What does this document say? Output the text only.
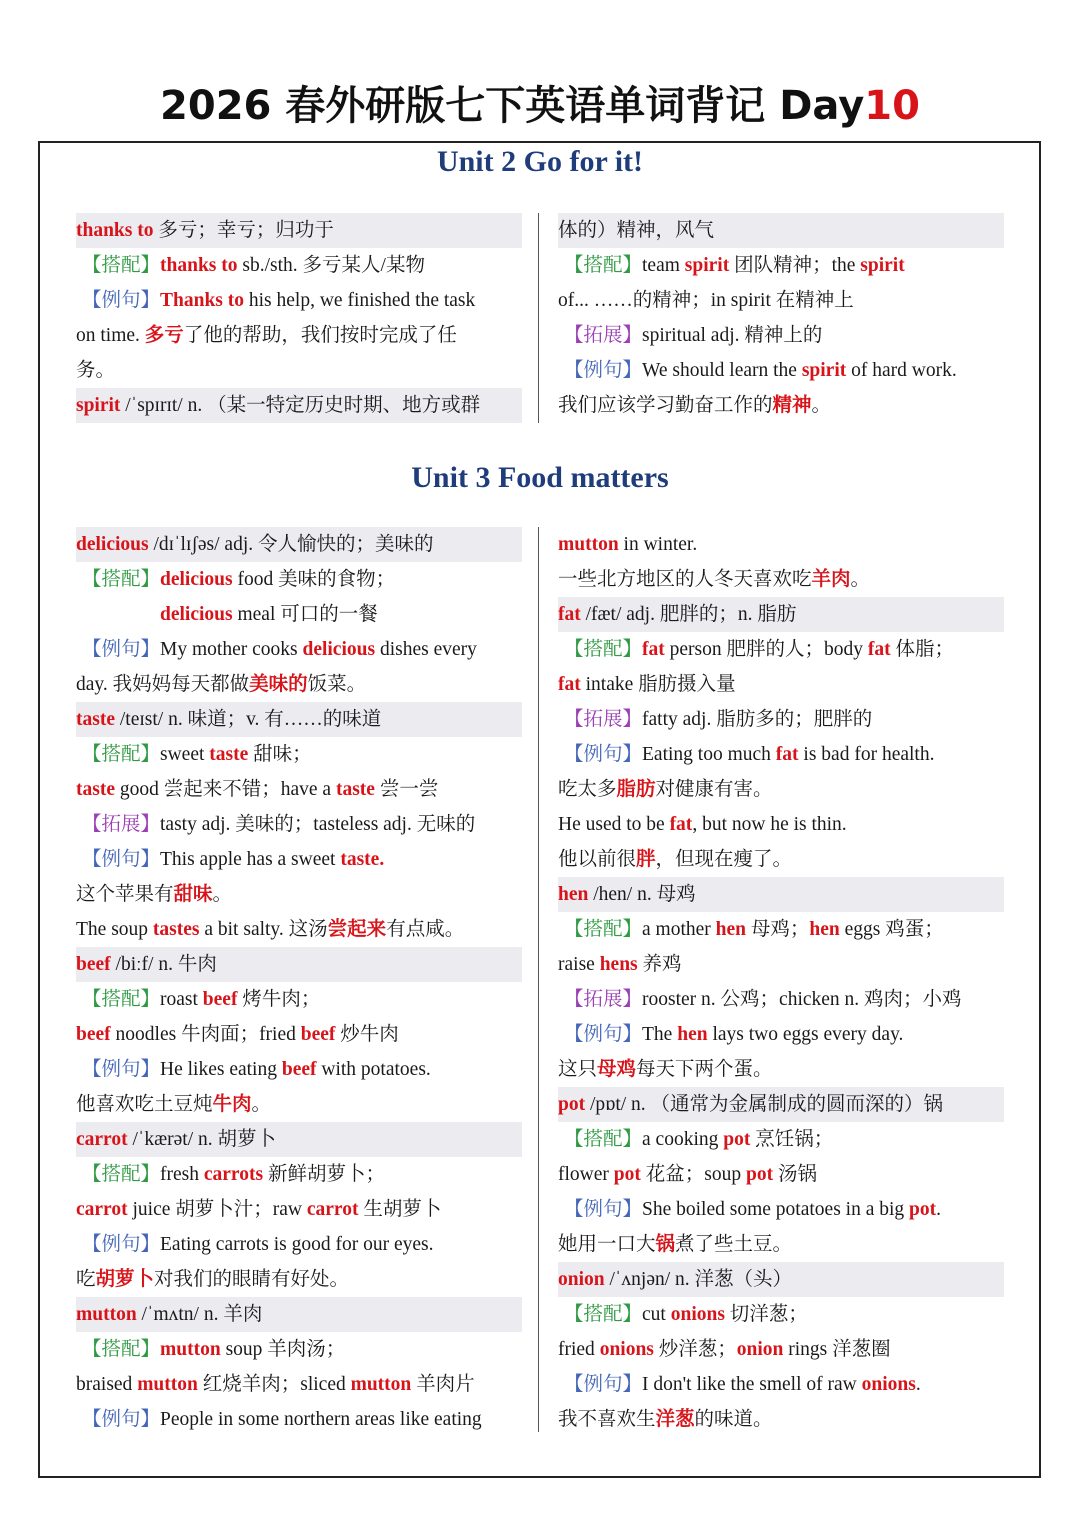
2026 春外研版七下英语单词背记 Day10
Unit 2 Go for it!
thanks to 多亏；幸亏；归功于
【搭配】thanks to sb./sth. 多亏某人/某物
【例句】Thanks to his help, we finished the task
on time. 多亏了他的帮助，我们按时完成了任
务。
spirit /ˈspɪrɪt/ n. （某一特定历史时期、地方或群
体的）精神，风气
【搭配】team spirit 团队精神；the spirit
of... ……的精神；in spirit 在精神上
【拓展】spiritual adj. 精神上的
【例句】We should learn the spirit of hard work.
我们应该学习勤奋工作的精神。
Unit 3 Food matters
delicious /dɪˈlɪʃəs/ adj. 令人愉快的；美味的
【搭配】delicious food 美味的食物；
delicious meal 可口的一餐
【例句】My mother cooks delicious dishes every
day. 我妈妈每天都做美味的饭菜。
taste /teɪst/ n. 味道；v. 有……的味道
【搭配】sweet taste 甜味；
taste good 尝起来不错；have a taste 尝一尝
【拓展】tasty adj. 美味的；tasteless adj. 无味的
【例句】This apple has a sweet taste.
这个苹果有甜味。
The soup tastes a bit salty. 这汤尝起来有点咸。
beef /biːf/ n. 牛肉
【搭配】roast beef 烤牛肉；
beef noodles 牛肉面；fried beef 炒牛肉
【例句】He likes eating beef with potatoes.
他喜欢吃土豆炖牛肉。
carrot /ˈkærət/ n. 胡萝卜
【搭配】fresh carrots 新鲜胡萝卜；
carrot juice 胡萝卜汁；raw carrot 生胡萝卜
【例句】Eating carrots is good for our eyes.
吃胡萝卜对我们的眼睛有好处。
mutton /ˈmʌtn/ n. 羊肉
【搭配】mutton soup 羊肉汤；
braised mutton 红烧羊肉；sliced mutton 羊肉片
【例句】People in some northern areas like eating
mutton in winter.
一些北方地区的人冬天喜欢吃羊肉。
fat /fæt/ adj. 肥胖的；n. 脂肪
【搭配】fat person 肥胖的人；body fat 体脂；
fat intake 脂肪摄入量
【拓展】fatty adj. 脂肪多的；肥胖的
【例句】Eating too much fat is bad for health.
吃太多脂肪对健康有害。
He used to be fat, but now he is thin.
他以前很胖，但现在瘦了。
hen /hen/ n. 母鸡
【搭配】a mother hen 母鸡；hen eggs 鸡蛋；
raise hens 养鸡
【拓展】rooster n. 公鸡；chicken n. 鸡肉；小鸡
【例句】The hen lays two eggs every day.
这只母鸡每天下两个蛋。
pot /pɒt/ n. （通常为金属制成的圆而深的）锅
【搭配】a cooking pot 烹饪锅；
flower pot 花盆；soup pot 汤锅
【例句】She boiled some potatoes in a big pot.
她用一口大锅煮了些土豆。
onion /ˈʌnjən/ n. 洋葱（头）
【搭配】cut onions 切洋葱；
fried onions 炒洋葱；onion rings 洋葱圈
【例句】I don't like the smell of raw onions.
我不喜欢生洋葱的味道。
